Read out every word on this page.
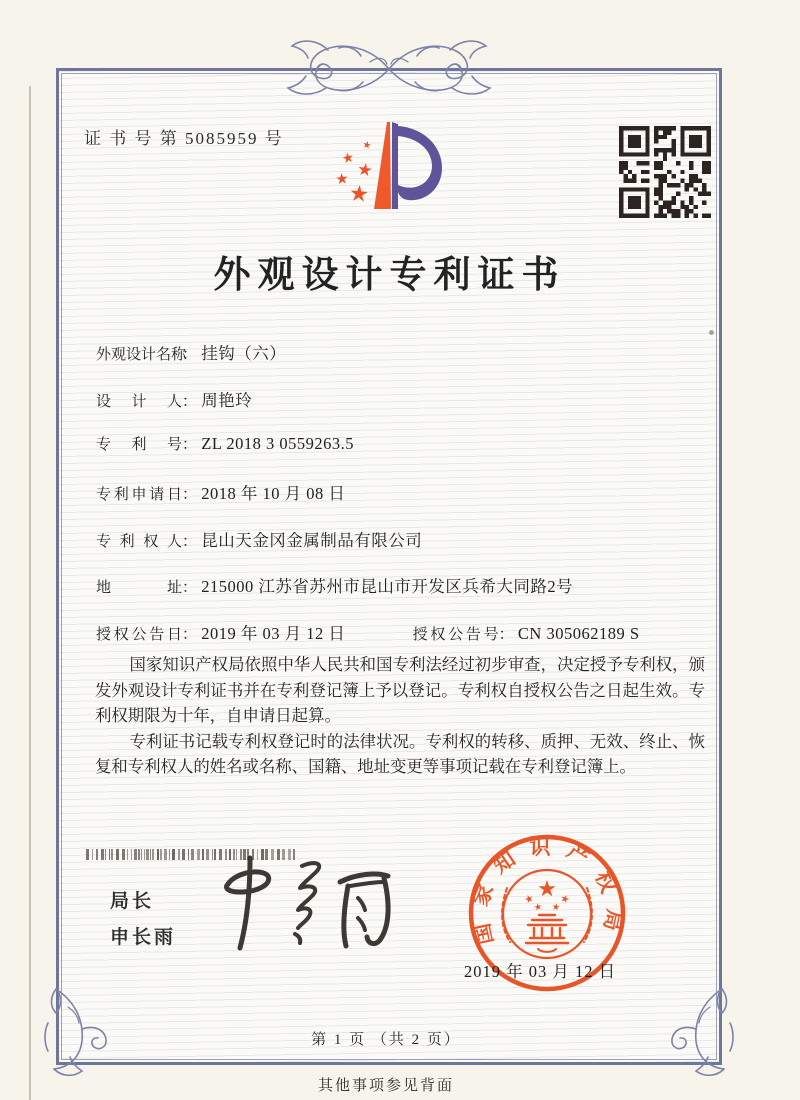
证 书 号 第 5085959 号
外观设计专利证书
外观设计名称： 挂钩（六）
设计人： 周艳玲
专利号： ZL 2018 3 0559263.5
专利申请日： 2018 年 10 月 08 日
专利权人： 昆山天金冈金属制品有限公司
地址： 215000 江苏省苏州市昆山市开发区兵希大同路2号
授权公告日： 2019 年 03 月 12 日	授权公告号： CN 305062189 S

国家知识产权局依照中华人民共和国专利法经过初步审查，决定授予专利权，颁发外观设计专利证书并在专利登记簿上予以登记。专利权自授权公告之日起生效。专利权期限为十年，自申请日起算。

专利证书记载专利权登记时的法律状况。专利权的转移、质押、无效、终止、恢复和专利权人的姓名或名称、国籍、地址变更等事项记载在专利登记簿上。

局长
申长雨	国家知识产权局
2019 年 03 月 12 日
第 1 页 （共 2 页）
其他事项参见背面
